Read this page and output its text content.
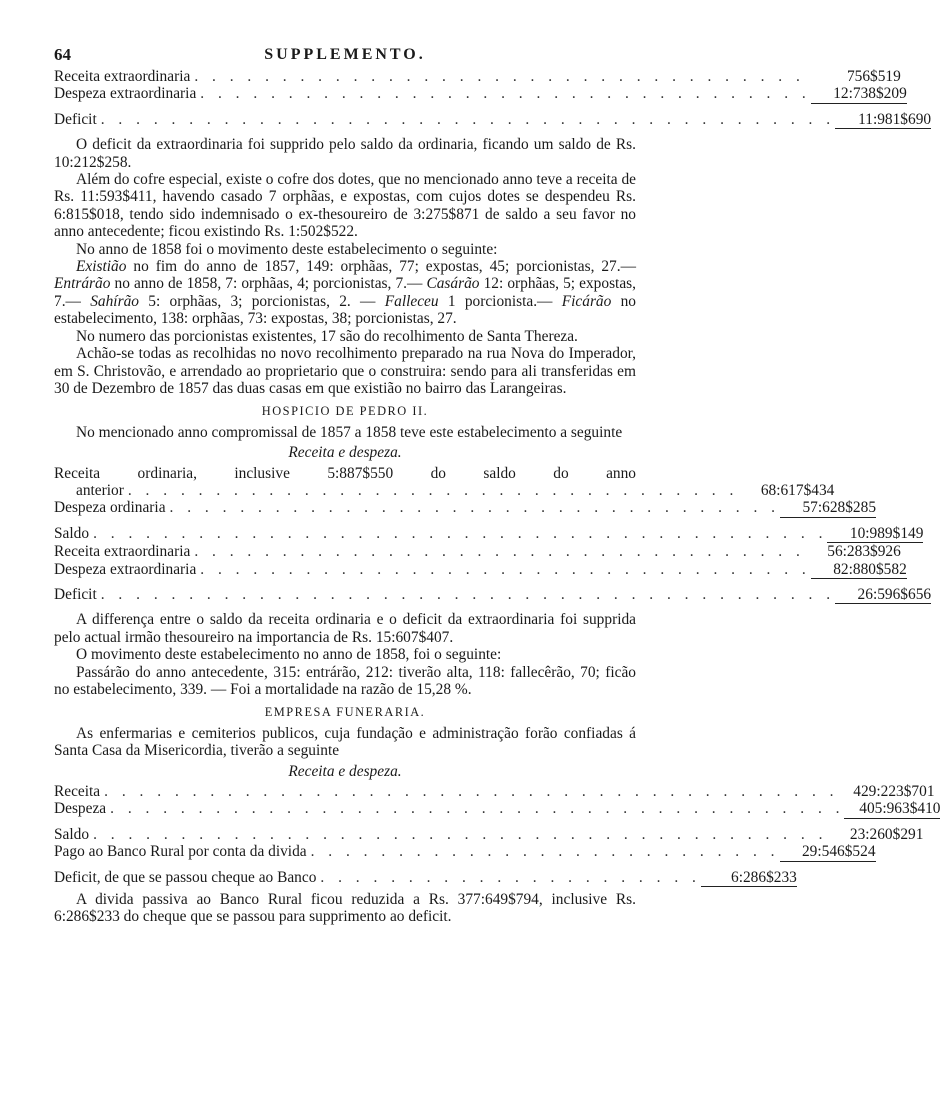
64	SUPPLEMENTO.
Receita extraordinaria . . . . . . . . . . . . . . . . . . . . . . . . . . . . . . . . . . .	756$519
Despeza extraordinaria . . . . . . . . . . . . . . . . . . . . . . . . . . . . . . . . . . .	12:738$209
Deficit . . . . . . . . . . . . . . . . . . . . . . . . . . . . . . . . . . . . . . . . . .	11:981$690

O deficit da extraordinaria foi supprido pelo saldo da ordinaria, ficando um saldo de Rs. 10:212$258.

Além do cofre especial, existe o cofre dos dotes, que no mencionado anno teve a receita de Rs. 11:593$411, havendo casado 7 orphãas, e expostas, com cujos dotes se despendeu Rs. 6:815$018, tendo sido indemnisado o ex-thesoureiro de 3:275$871 de saldo a seu favor no anno antecedente; ficou existindo Rs. 1:502$522.

No anno de 1858 foi o movimento deste estabelecimento o seguinte:

Existião no fim do anno de 1857, 149: orphãas, 77; expostas, 45; porcionistas, 27.— Entrárão no anno de 1858, 7: orphãas, 4; porcionistas, 7.— Casárão 12: orphãas, 5; expostas, 7.— Sahírão 5: orphãas, 3; porcionistas, 2. — Falleceu 1 porcionista.— Ficárão no estabelecimento, 138: orphãas, 73: expostas, 38; porcionistas, 27.

No numero das porcionistas existentes, 17 são do recolhimento de Santa Thereza.

Achão-se todas as recolhidas no novo recolhimento preparado na rua Nova do Imperador, em S. Christovão, e arrendado ao proprietario que o construira: sendo para ali transferidas em 30 de Dezembro de 1857 das duas casas em que existião no bairro das Larangeiras.

HOSPICIO DE PEDRO II.

No mencionado anno compromissal de 1857 a 1858 teve este estabelecimento a seguinte

Receita e despeza.
Receita ordinaria, inclusive 5:887$550 do saldo do anno
anterior . . . . . . . . . . . . . . . . . . . . . . . . . . . . . . . . . . .	68:617$434
Despeza ordinaria . . . . . . . . . . . . . . . . . . . . . . . . . . . . . . . . . . .	57:628$285
Saldo . . . . . . . . . . . . . . . . . . . . . . . . . . . . . . . . . . . . . . . . . .	10:989$149
Receita extraordinaria . . . . . . . . . . . . . . . . . . . . . . . . . . . . . . . . . . .	56:283$926
Despeza extraordinaria . . . . . . . . . . . . . . . . . . . . . . . . . . . . . . . . . . .	82:880$582
Deficit . . . . . . . . . . . . . . . . . . . . . . . . . . . . . . . . . . . . . . . . . .	26:596$656

A differença entre o saldo da receita ordinaria e o deficit da extraordinaria foi supprida pelo actual irmão thesoureiro na importancia de Rs. 15:607$407.

O movimento deste estabelecimento no anno de 1858, foi o seguinte:

Passárão do anno antecedente, 315: entrárão, 212: tiverão alta, 118: fallecêrão, 70; ficão no estabelecimento, 339. — Foi a mortalidade na razão de 15,28 %.

EMPRESA FUNERARIA.

As enfermarias e cemiterios publicos, cuja fundação e administração forão confiadas á Santa Casa da Misericordia, tiverão a seguinte

Receita e despeza.
Receita . . . . . . . . . . . . . . . . . . . . . . . . . . . . . . . . . . . . . . . . . . 429:223$701
Despeza . . . . . . . . . . . . . . . . . . . . . . . . . . . . . . . . . . . . . . . . . . 405:963$410
Saldo . . . . . . . . . . . . . . . . . . . . . . . . . . . . . . . . . . . . . . . . . .	23:260$291
Pago ao Banco Rural por conta da divida . . . . . . . . . . . . . . . . . . . . . . . . . . .	29:546$524
Deficit, de que se passou cheque ao Banco . . . . . . . . . . . . . . . . . . . . . .	6:286$233

A divida passiva ao Banco Rural ficou reduzida a Rs. 377:649$794, inclusive Rs. 6:286$233 do cheque que se passou para supprimento ao deficit.
